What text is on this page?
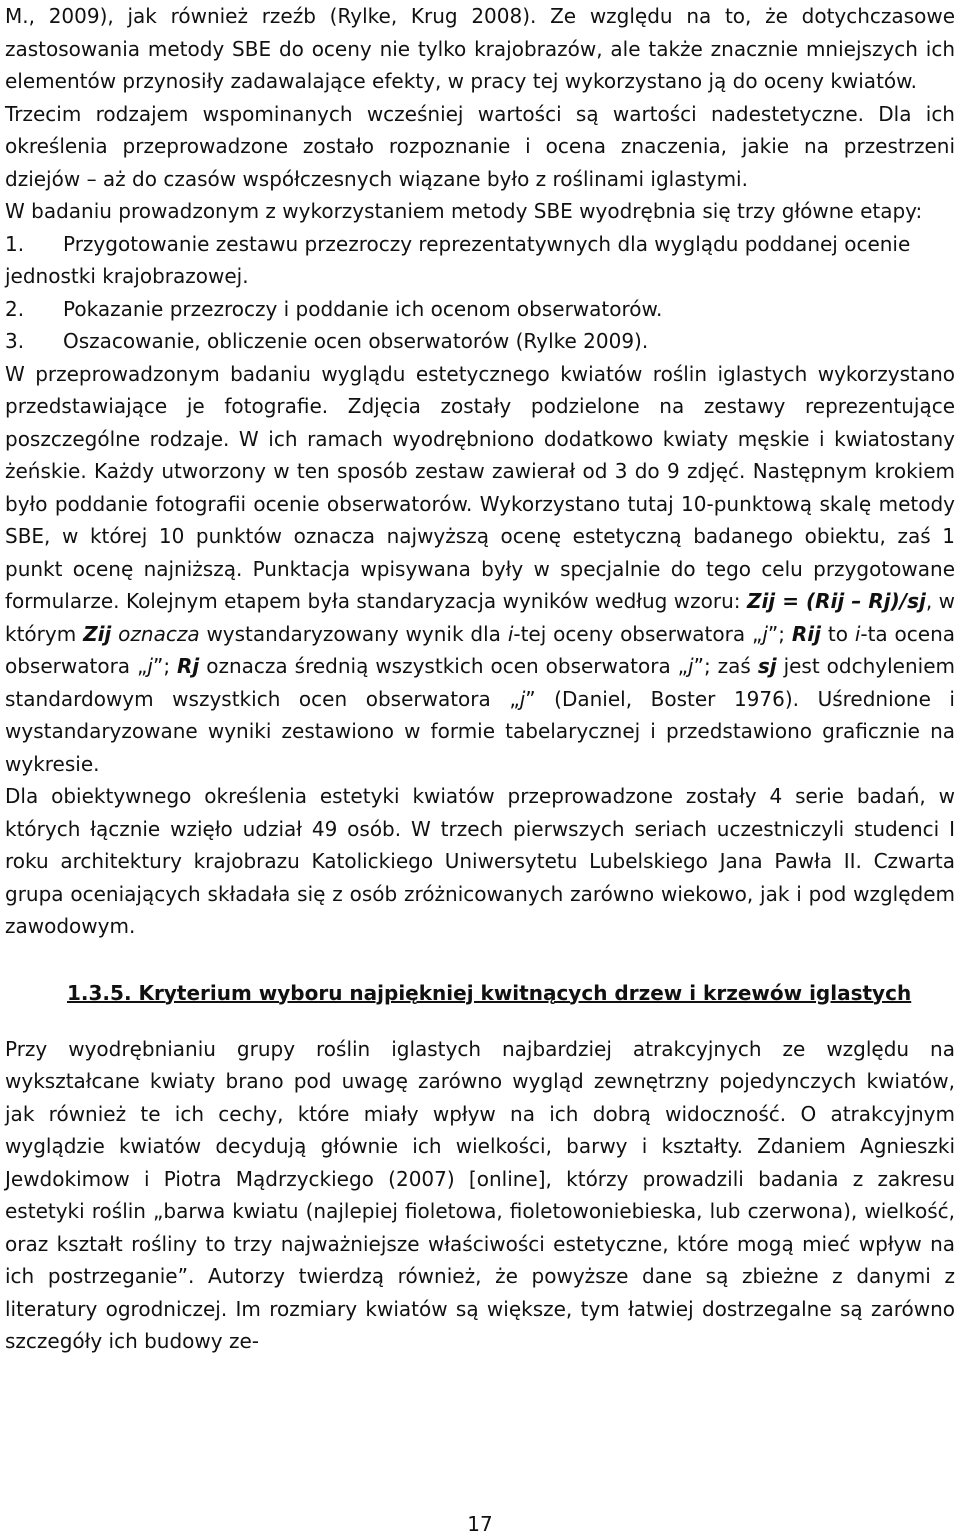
M., 2009), jak również rzeźb (Rylke, Krug 2008). Ze względu na to, że dotychczasowe zastosowania metody SBE do oceny nie tylko krajobrazów, ale także znacznie mniejszych ich elementów przynosiły zadawalające efekty, w pracy tej wykorzystano ją do oceny kwiatów.

Trzecim rodzajem wspominanych wcześniej wartości są wartości nadestetyczne. Dla ich określenia przeprowadzone zostało rozpoznanie i ocena znaczenia, jakie na przestrzeni dziejów – aż do czasów współczesnych wiązane było z roślinami iglastymi.

W badaniu prowadzonym z wykorzystaniem metody SBE wyodrębnia się trzy główne etapy:

1. Przygotowanie zestawu przezroczy reprezentatywnych dla wyglądu poddanej ocenie jednostki krajobrazowej.

2. Pokazanie przezroczy i poddanie ich ocenom obserwatorów.

3. Oszacowanie, obliczenie ocen obserwatorów (Rylke 2009).

W przeprowadzonym badaniu wyglądu estetycznego kwiatów roślin iglastych wykorzystano przedstawiające je fotografie. Zdjęcia zostały podzielone na zestawy reprezentujące poszczególne rodzaje. W ich ramach wyodrębniono dodatkowo kwiaty męskie i kwiatostany żeńskie. Każdy utworzony w ten sposób zestaw zawierał od 3 do 9 zdjęć. Następnym krokiem było poddanie fotografii ocenie obserwatorów. Wykorzystano tutaj 10-punktową skalę metody SBE, w której 10 punktów oznacza najwyższą ocenę estetyczną badanego obiektu, zaś 1 punkt ocenę najniższą. Punktacja wpisywana były w specjalnie do tego celu przygotowane formularze. Kolejnym etapem była standaryzacja wyników według wzoru: Zij = (Rij – Rj)/sj, w którym Zij oznacza wystandaryzowany wynik dla i-tej oceny obserwatora „j”; Rij to i-ta ocena obserwatora „j”; Rj oznacza średnią wszystkich ocen obserwatora „j”; zaś sj jest odchyleniem standardowym wszystkich ocen obserwatora „j” (Daniel, Boster 1976). Uśrednione i wystandaryzowane wyniki zestawiono w formie tabelarycznej i przedstawiono graficznie na wykresie.

Dla obiektywnego określenia estetyki kwiatów przeprowadzone zostały 4 serie badań, w których łącznie wzięło udział 49 osób. W trzech pierwszych seriach uczestniczyli studenci I roku architektury krajobrazu Katolickiego Uniwersytetu Lubelskiego Jana Pawła II. Czwarta grupa oceniających składała się z osób zróżnicowanych zarówno wiekowo, jak i pod względem zawodowym.

1.3.5. Kryterium wyboru najpiękniej kwitnących drzew i krzewów iglastych

Przy wyodrębnianiu grupy roślin iglastych najbardziej atrakcyjnych ze względu na wykształcane kwiaty brano pod uwagę zarówno wygląd zewnętrzny pojedynczych kwiatów, jak również te ich cechy, które miały wpływ na ich dobrą widoczność. O atrakcyjnym wyglądzie kwiatów decydują głównie ich wielkości, barwy i kształty. Zdaniem Agnieszki Jewdokimow i Piotra Mądrzyckiego (2007) [online], którzy prowadzili badania z zakresu estetyki roślin „barwa kwiatu (najlepiej fioletowa, fioletowoniebieska, lub czerwona), wielkość, oraz kształt rośliny to trzy najważniejsze właściwości estetyczne, które mogą mieć wpływ na ich postrzeganie”. Autorzy twierdzą również, że powyższe dane są zbieżne z danymi z literatury ogrodniczej. Im rozmiary kwiatów są większe, tym łatwiej dostrzegalne są zarówno szczegóły ich budowy ze-

17
